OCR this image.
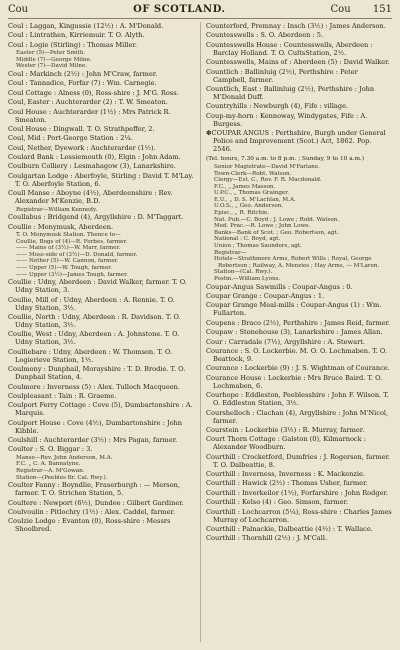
Cou	OF SCOTLAND.	Cou 151

Coul : Laggan, Kingussie (12½) : A. M'Donald.

Coul : Lintrathen, Kirriemuir. T. O. Alyth.

Coul : Logie (Stirling) : Thomas Miller.

Easter (5)—Peter Smith.

Middle (7)—George Milne.

Wester (7)—David Milne.

Coul : Markinch (2½) : John M'Craw, farmer.

Coul : Tannadice, Forfar (7) : Wm. Carnegie.

Coul Cottage : Alness (0), Ross-shire : J. M'G. Ross.

Coul, Easter : Auchterarder (2) : T. W. Smeaton.

Coul House : Auchterarder (1½) : Mrs Patrick R. Smeaton.

Coul House : Dingwall. T. O. Strathpeffer, 2.

Coul, Mid : Port-George Station : 2¼.

Coul, Nether, Dyework : Auchterarder (1½).

Coulard Bank : Lossiemouth (0), Elgin : John Adam.

Coulburn Colliery : Lesmahagow (3), Lanarkshire.

Coulgartan Lodge : Aberfoyle, Stirling : David T. M'Lay. T. O. Aberfoyle Station, 6.

Coull Manse : Aboyne (4½), Aberdeenshire : Rev. Alexander M'Kenzie, B.D.

Registrar—William Kennedy.

Coullabus : Bridgend (4), Argyllshire : D. M'Taggart.

Coullie : Monymusk, Aberdeen.

T. O. Monymusk Station. Thence to—

Coullie, Bogs of (4)—R. Forbes, farmer.

—— Mains of (3½)—W. Marr, farmer.

—— Moss-side of (3½)—D. Donald, farmer.

—— Nether (5)—W. Cannon, farmer.

—— Upper (5)—W. Tough, farmer.

—— Upper (3½)—James Tough, farmer.

Coullie : Udny, Aberdeen : David Walker, farmer. T. O. Udny Station, 3.

Coullie, Mill of : Udny, Aberdeen : A. Rennie. T. O. Udny Station, 3½.

Coullie, North : Udny, Aberdeen : R. Davidson. T. O. Udny Station, 3½.

Coullie, West : Udny, Aberdeen : A. Johnstone. T. O. Udny Station, 3½.

Coulliebare : Udny, Aberdeen : W. Thomson. T. O. Logierieve Station, 1½.

Coulmony : Dunphail, Morayshire : T. D. Brodie. T. O. Dunphail Station, 4.

Coulmore : Inverness (5) : Alex. Tulloch Macqueen.

Coulpleasant : Tain : R. Graeme.

Coulport Ferry Cottage : Cove (5), Dumbartonshire : A. Marquis.

Coulport House : Cove (4½), Dumbartonshire : John Kibble.

Coulshill : Auchterarder (3½) : Mrs Pagan, farmer.

Coulter : S. O. Biggar : 3.

Manse—Rev. John Anderson, M.A.

F.C. „ C. A. Bannatyne.

Registrar—A. M'Gowan.

Station—(Peebles Br. Cal. Rwy.).

Coulter Fanny : Boyndlie, Fraserburgh : — Merson, farmer. T. O. Strichen Station, 5.

Coultere : Newport (6½), Dundee : Gilbert Gardiner.

Coulvoulin : Pitlochry (1½) : Alex. Caddel, farmer.

Coulzie Lodge : Evanton (0), Ross-shire : Messrs Shoolbred.

Counterford, Premnay : Insch (3½) : James Anderson.

Countesswells : S. O. Aberdeen : 5.

Countesswells House : Countesswells, Aberdeen : Barclay Holland. T. O. CultsStation, 2½.

Countesswells, Mains of : Aberdeen (5) : David Walker.

Countlich : Ballinluig (2½), Perthshire : Peter Campbell, farmer.

Countlich, East : Ballinluig (2½), Perthshire : John M'Donald Duff.

Countryhills : Newburgh (4), Fife : village.

Coup-my-horn : Kennoway, Windygates, Fife : A. Burgess.

✽COUPAR ANGUS : Perthshire, Burgh under General Police and Improvement (Scot.) Act, 1862. Pop. 2546.

(Tel. hours, 7.30 a.m. to 8 p.m. ; Sunday, 9 to 10 a.m.)

Senior Magistrate—David M'Farlane.

Town-Clerk—Robt. Watson.

Clergy—Est. C., Rev. F. R. Macdonald.

F.C., „ James Masson.

U.P.C., „ Thomas Grainger.

E.U., „ D. S. M'Lachlan, M.A.

U.O.S., „ Geo. Anderson.

Episc., „ R. Ritchie.

Nat. Pub.—C. Boyd ; J. Lowe ; Robt. Watson.

Med. Prac.—R. Lowe ; John Lowe.

Banks—Bank of Scot. ; Geo. Robertson, agt.

National : C. Boyd, agt.

Union ; Thomas Saunders, agt.

Registrar—

Hotels—Strathmore Arms, Robert Wills ; Royal, George Robertson ; Railway, A. Menzies ; Hay Arms, — M'Laren.

Station—(Cal. Rwy.).

Postm.—William Lyons.

Coupar-Angus Sawmills : Coupar-Angus : 0.

Coupar Grange : Coupar-Angus : 1.

Coupar Grange Meal-mills : Coupar-Angus (1) : Wm. Fullarton.

Coupens : Braco (2½), Perthshire : James Reid, farmer.

Coupaw : Stonehouse (3), Lanarkshire : James Allan.

Cour : Carradale (7½), Argyllshire : A. Stewart.

Courance : S. O. Lockerbie. M. O. O. Lochmaben. T. O. Beattock, 9.

Courance : Lockerbie (9) : J. S. Wightman of Courance.

Courance House : Lockerbie : Mrs Bruce Baird. T. O. Lochmaben, 6.

Courhope : Eddleston, Peeblesshire : John F. Wilson. T. O. Eddleston Station, 3½.

Courshelloch : Clachan (4), Argyllshire : John M'Nicol, farmer.

Courstein : Lockerbie (3½) : R. Murray, farmer.

Court Thorn Cottage : Galston (0), Kilmarnock : Alexander Woodburn.

Courthill : Crocketford, Dumfries : J. Rogerson, farmer. T. O. Dalbeattie, 8.

Courthill : Inverness, Inverness : K. Mackenzie.

Courthill : Hawick (2½) : Thomas Usher, farmer.

Courthill : Inverkeilor (1½), Forfarshire : John Rodger.

Courthill : Kelso (4) : Geo. Simson, farmer.

Courthill : Lochcarron (5¼), Ross-shire : Charles James Murray of Lochcarron.

Courthill : Palnackie, Dalbeattie (4½) : T. Wallace.

Courthill : Thornhill (2½) : J. M'Call.
